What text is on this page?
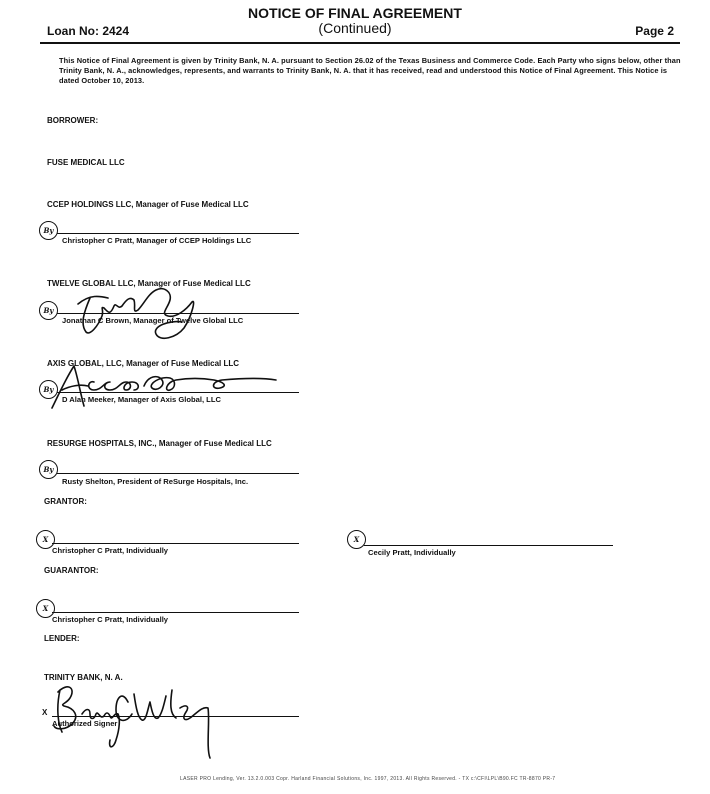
Loan No: 2424
NOTICE OF FINAL AGREEMENT
(Continued)	Page 2
This Notice of Final Agreement is given by Trinity Bank, N. A. pursuant to Section 26.02 of the Texas Business and Commerce Code. Each Party who signs below, other than Trinity Bank, N. A., acknowledges, represents, and warrants to Trinity Bank, N. A. that it has received, read and understood this Notice of Final Agreement. This Notice is dated October 10, 2013.
BORROWER:
FUSE MEDICAL LLC
CCEP HOLDINGS LLC, Manager of Fuse Medical LLC
By
Christopher C Pratt, Manager of CCEP Holdings LLC
TWELVE GLOBAL LLC, Manager of Fuse Medical LLC
By
Jonathan C Brown, Manager of Twelve Global LLC
AXIS GLOBAL, LLC, Manager of Fuse Medical LLC
By
D Alan Meeker, Manager of Axis Global, LLC
RESURGE HOSPITALS, INC., Manager of Fuse Medical LLC
By
Rusty Shelton, President of ReSurge Hospitals, Inc.
GRANTOR:
X
Christopher C Pratt, Individually
X
Cecily Pratt, Individually
GUARANTOR:
X
Christopher C Pratt, Individually
LENDER:
TRINITY BANK, N. A.
X
Authorized Signer
LASER PRO Lending, Ver. 13.2.0.003 Copr. Harland Financial Solutions, Inc. 1997, 2013. All Rights Reserved. - TX c:\CFI\LPL\B90.FC TR-8870 PR-7
